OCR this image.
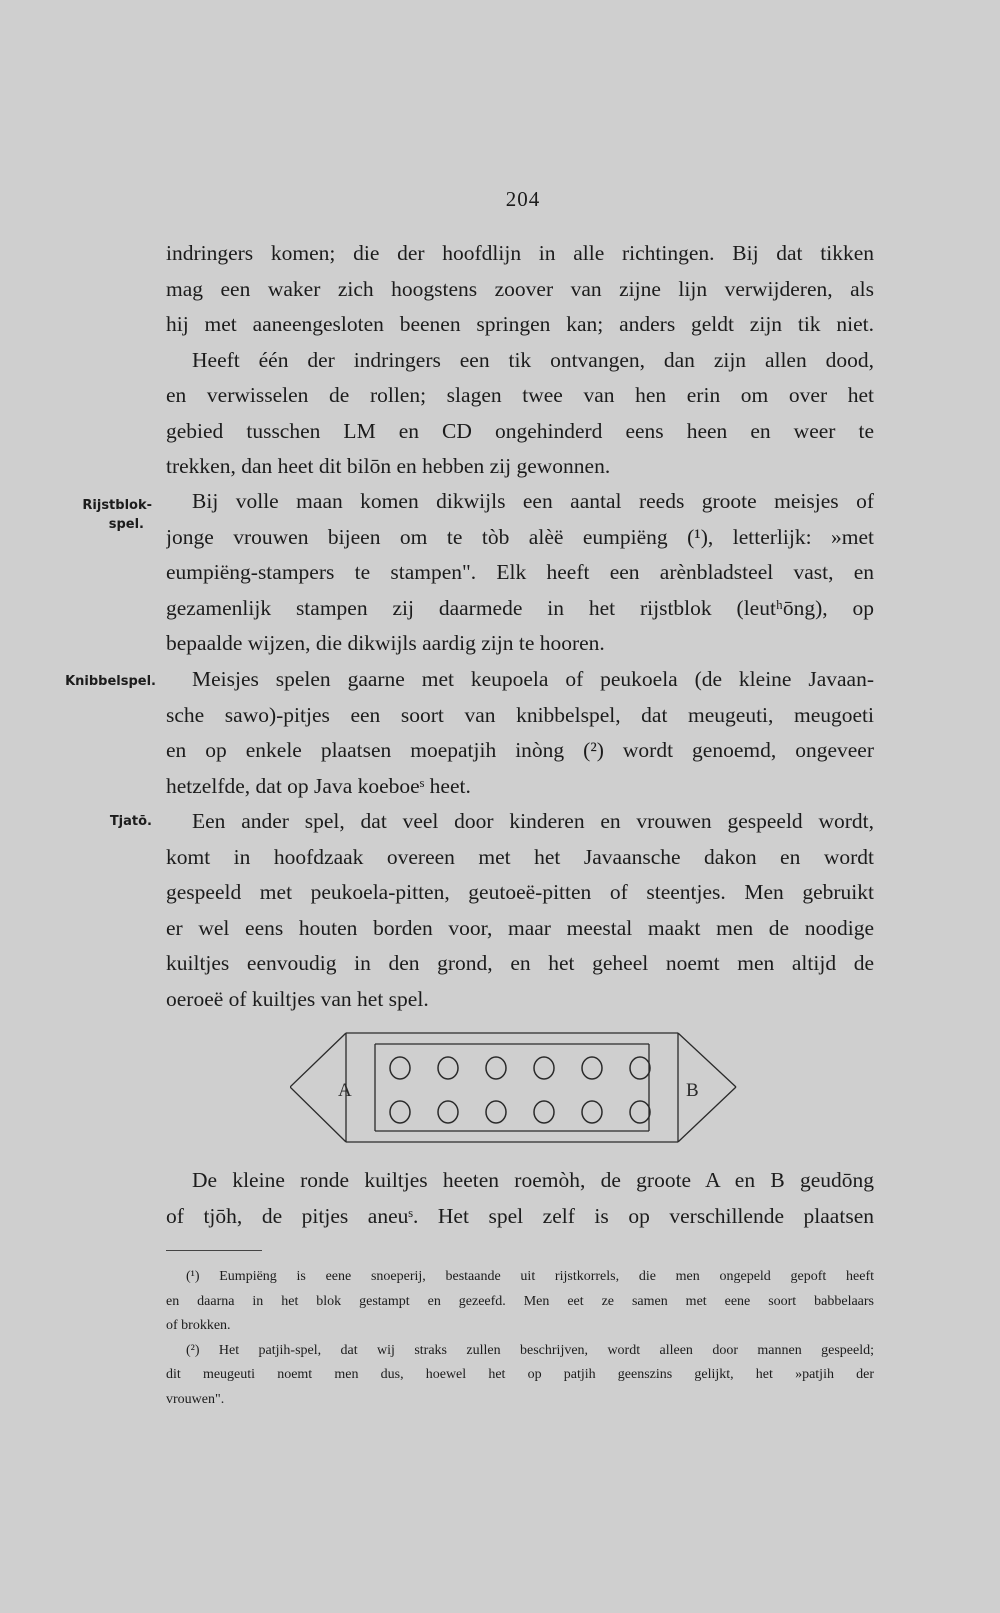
204
Rijstblok-
spel.
Knibbelspel.
Tjatō.
indringers komen; die der hoofdlijn in alle richtingen. Bij dat tikken
mag een waker zich hoogstens zoover van zijne lijn verwijderen, als
hij met aaneengesloten beenen springen kan; anders geldt zijn tik niet.
Heeft één der indringers een tik ontvangen, dan zijn allen dood,
en verwisselen de rollen; slagen twee van hen erin om over het
gebied tusschen LM en CD ongehinderd eens heen en weer te
trekken, dan heet dit bilōn en hebben zij gewonnen.
Bij volle maan komen dikwijls een aantal reeds groote meisjes of
jonge vrouwen bijeen om te tòb alèë eumpiëng (¹), letterlijk: »met
eumpiëng-stampers te stampen". Elk heeft een arènbladsteel vast, en
gezamenlijk stampen zij daarmede in het rijstblok (leutʰōng), op
bepaalde wijzen, die dikwijls aardig zijn te hooren.
Meisjes spelen gaarne met keupoela of peukoela (de kleine Javaan-
sche sawo)-pitjes een soort van knibbelspel, dat meugeuti, meugoeti
en op enkele plaatsen moepatjih inòng (²) wordt genoemd, ongeveer
hetzelfde, dat op Java koeboeˢ heet.
Een ander spel, dat veel door kinderen en vrouwen gespeeld wordt,
komt in hoofdzaak overeen met het Javaansche dakon en wordt
gespeeld met peukoela-pitten, geutoeë-pitten of steentjes. Men gebruikt
er wel eens houten borden voor, maar meestal maakt men de noodige
kuiltjes eenvoudig in den grond, en het geheel noemt men altijd de
oeroeë of kuiltjes van het spel.
A	B
De kleine ronde kuiltjes heeten roemòh, de groote A en B geudōng
of tjōh, de pitjes aneuˢ. Het spel zelf is op verschillende plaatsen
(¹) Eumpiëng is eene snoeperij, bestaande uit rijstkorrels, die men ongepeld gepoft heeft
en daarna in het blok gestampt en gezeefd. Men eet ze samen met eene soort babbelaars
of brokken.
(²) Het patjih-spel, dat wij straks zullen beschrijven, wordt alleen door mannen gespeeld;
dit meugeuti noemt men dus, hoewel het op patjih geenszins gelijkt, het »patjih der
vrouwen".
